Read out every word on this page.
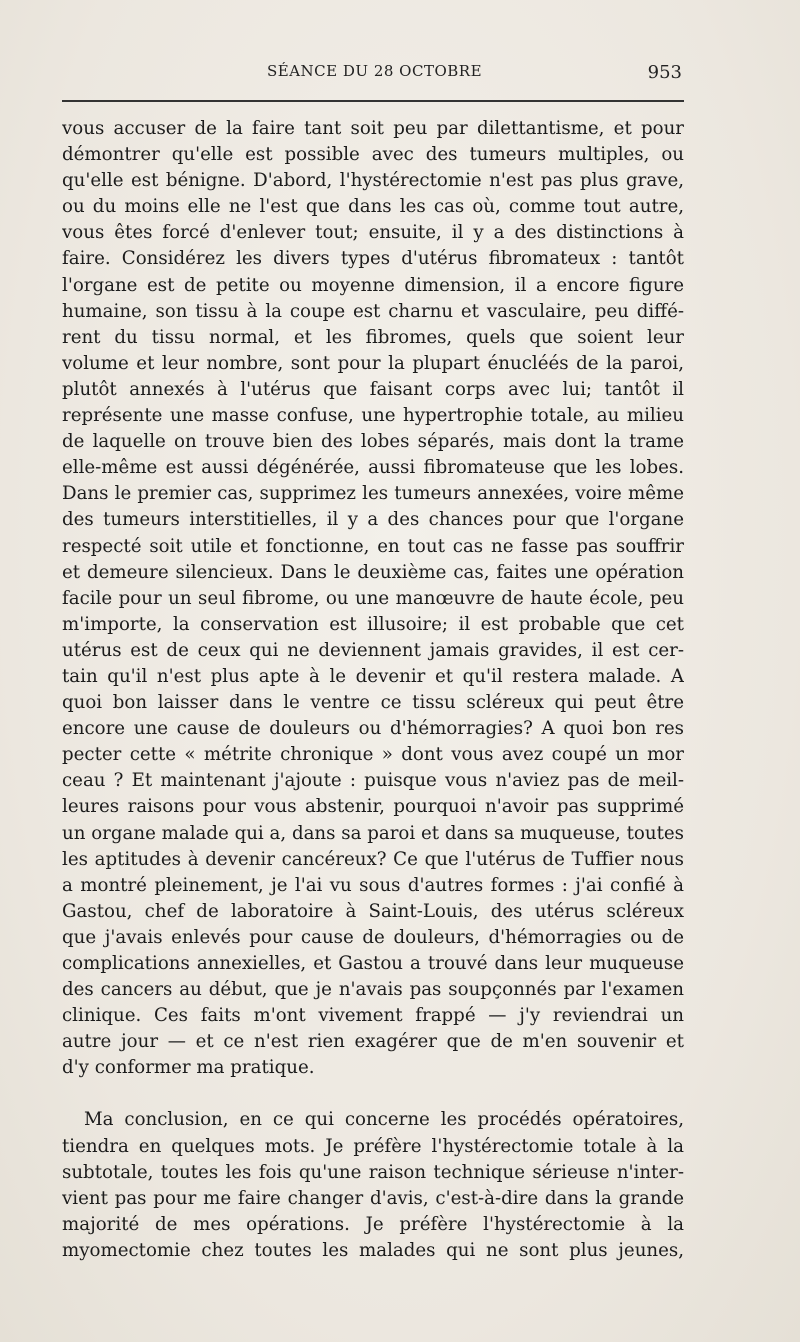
SÉANCE DU 28 OCTOBRE	953
vous accuser de la faire tant soit peu par dilettantisme, et pour
démontrer qu'elle est possible avec des tumeurs multiples, ou
qu'elle est bénigne. D'abord, l'hystérectomie n'est pas plus grave,
ou du moins elle ne l'est que dans les cas où, comme tout autre,
vous êtes forcé d'enlever tout; ensuite, il y a des distinctions à
faire. Considérez les divers types d'utérus fibromateux : tantôt
l'organe est de petite ou moyenne dimension, il a encore figure
humaine, son tissu à la coupe est charnu et vasculaire, peu diffé-
rent du tissu normal, et les fibromes, quels que soient leur
volume et leur nombre, sont pour la plupart énucléés de la paroi,
plutôt annexés à l'utérus que faisant corps avec lui; tantôt il
représente une masse confuse, une hypertrophie totale, au milieu
de laquelle on trouve bien des lobes séparés, mais dont la trame
elle-même est aussi dégénérée, aussi fibromateuse que les lobes.
Dans le premier cas, supprimez les tumeurs annexées, voire même
des tumeurs interstitielles, il y a des chances pour que l'organe
respecté soit utile et fonctionne, en tout cas ne fasse pas souffrir
et demeure silencieux. Dans le deuxième cas, faites une opération
facile pour un seul fibrome, ou une manœuvre de haute école, peu
m'importe, la conservation est illusoire; il est probable que cet
utérus est de ceux qui ne deviennent jamais gravides, il est cer-
tain qu'il n'est plus apte à le devenir et qu'il restera malade. A
quoi bon laisser dans le ventre ce tissu scléreux qui peut être
encore une cause de douleurs ou d'hémorragies? A quoi bon res
pecter cette « métrite chronique » dont vous avez coupé un mor
ceau ? Et maintenant j'ajoute : puisque vous n'aviez pas de meil-
leures raisons pour vous abstenir, pourquoi n'avoir pas supprimé
un organe malade qui a, dans sa paroi et dans sa muqueuse, toutes
les aptitudes à devenir cancéreux? Ce que l'utérus de Tuffier nous
a montré pleinement, je l'ai vu sous d'autres formes : j'ai confié à
Gastou, chef de laboratoire à Saint-Louis, des utérus scléreux
que j'avais enlevés pour cause de douleurs, d'hémorragies ou de
complications annexielles, et Gastou a trouvé dans leur muqueuse
des cancers au début, que je n'avais pas soupçonnés par l'examen
clinique. Ces faits m'ont vivement frappé — j'y reviendrai un
autre jour — et ce n'est rien exagérer que de m'en souvenir et
d'y conformer ma pratique.
Ma conclusion, en ce qui concerne les procédés opératoires,
tiendra en quelques mots. Je préfère l'hystérectomie totale à la
subtotale, toutes les fois qu'une raison technique sérieuse n'inter-
vient pas pour me faire changer d'avis, c'est-à-dire dans la grande
majorité de mes opérations. Je préfère l'hystérectomie à la
myomectomie chez toutes les malades qui ne sont plus jeunes,
